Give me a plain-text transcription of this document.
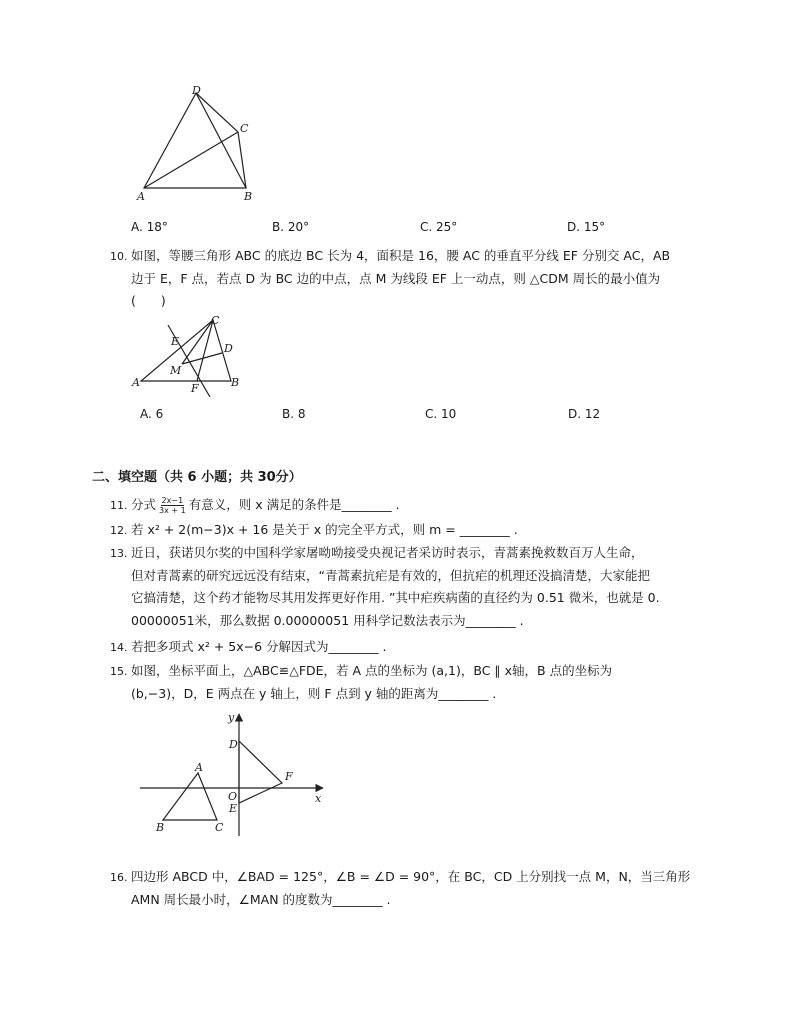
D
C
A	B
A. 18°	B. 20°	C. 25°	D. 15°
10. 如图，等腰三角形 ABC 的底边 BC 长为 4，面积是 16，腰 AC 的垂直平分线 EF 分别交 AC，AB
边于 E，F 点，若点 D 为 BC 边的中点，点 M 为线段 EF 上一动点，则 △CDM 周长的最小值为
(　　)
C
E
D
M
A	F	B
A. 6	B. 8	C. 10	D. 12
二、填空题（共 6 小题；共 30分）
11. 分式 $\frac{2x-1}{3x + 1}$ 有意义，则 x 满足的条件是________ .
12. 若 x² + 2(m−3)x + 16 是关于 x 的完全平方式，则 m = ________ .
13. 近日，获诺贝尔奖的中国科学家屠呦呦接受央视记者采访时表示，青蒿素挽救数百万人生命，
但对青蒿素的研究远远没有结束，“青蒿素抗疟是有效的，但抗疟的机理还没搞清楚，大家能把
它搞清楚，这个药才能物尽其用发挥更好作用. ”其中疟疾病菌的直径约为 0.51 微米，也就是 0.
00000051米，那么数据 0.00000051 用科学记数法表示为________ .
14. 若把多项式 x² + 5x−6 分解因式为________ .
15. 如图，坐标平面上，△ABC≌△FDE，若 A 点的坐标为 (a,1)，BC ∥ x轴，B 点的坐标为
(b,−3)，D，E 两点在 y 轴上，则 F 点到 y 轴的距离为________ .
y
x
D
A
F
O
E
B	C
16. 四边形 ABCD 中，∠BAD = 125°，∠B = ∠D = 90°，在 BC，CD 上分别找一点 M，N，当三角形
AMN 周长最小时，∠MAN 的度数为________ .
